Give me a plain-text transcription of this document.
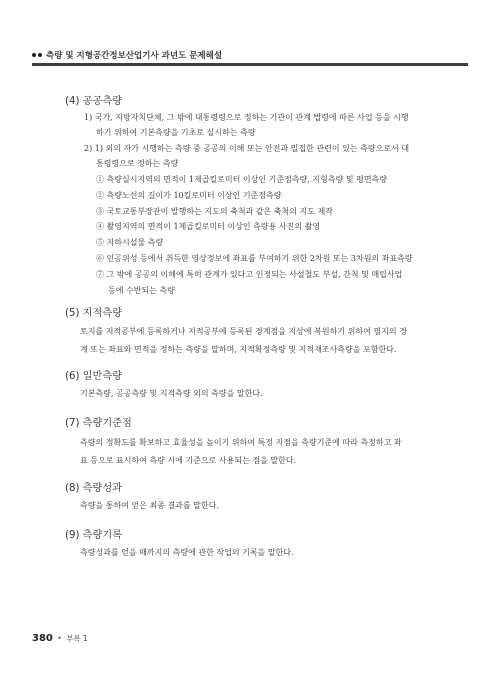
측량 및 지형공간정보산업기사 과년도 문제해설
(4) 공공측량
1) 국가, 지방자치단체, 그 밖에 대통령령으로 정하는 기관이 관계 법령에 따른 사업 등을 시행
하기 위하여 기본측량을 기초로 실시하는 측량
2) 1) 외의 자가 시행하는 측량 중 공공의 이해 또는 안전과 밀접한 관련이 있는 측량으로서 대
통령령으로 정하는 측량
① 측량실시지역의 면적이 1제곱킬로미터 이상인 기준점측량, 지형측량 및 평면측량
② 측량노선의 길이가 10킬로미터 이상인 기준점측량
③ 국토교통부장관이 발행하는 지도의 축척과 같은 축척의 지도 제작
④ 촬영지역의 면적이 1제곱킬로미터 이상인 측량용 사진의 촬영
⑤ 지하시설물 측량
⑥ 인공위성 등에서 취득한 영상정보에 좌표를 부여하기 위한 2차원 또는 3차원의 좌표측량
⑦ 그 밖에 공공의 이해에 특히 관계가 있다고 인정되는 사설철도 부설, 간척 및 매립사업
등에 수반되는 측량
(5) 지적측량
토지를 지적공부에 등록하거나 지적공부에 등록된 경계점을 지상에 복원하기 위하여 필지의 경
계 또는 좌표와 면적을 정하는 측량을 말하며, 지적확정측량 및 지적재조사측량을 포함한다.
(6) 일반측량
기본측량, 공공측량 및 지적측량 외의 측량을 말한다.
(7) 측량기준점
측량의 정확도를 확보하고 효율성을 높이기 위하여 특정 지점을 측량기준에 따라 측정하고 좌
표 등으로 표시하여 측량 시에 기준으로 사용되는 점을 말한다.
(8) 측량성과
측량을 통하여 얻은 최종 결과를 말한다.
(9) 측량기록
측량성과를 얻을 때까지의 측량에 관한 작업의 기록을 말한다.
380 • 부록 1
